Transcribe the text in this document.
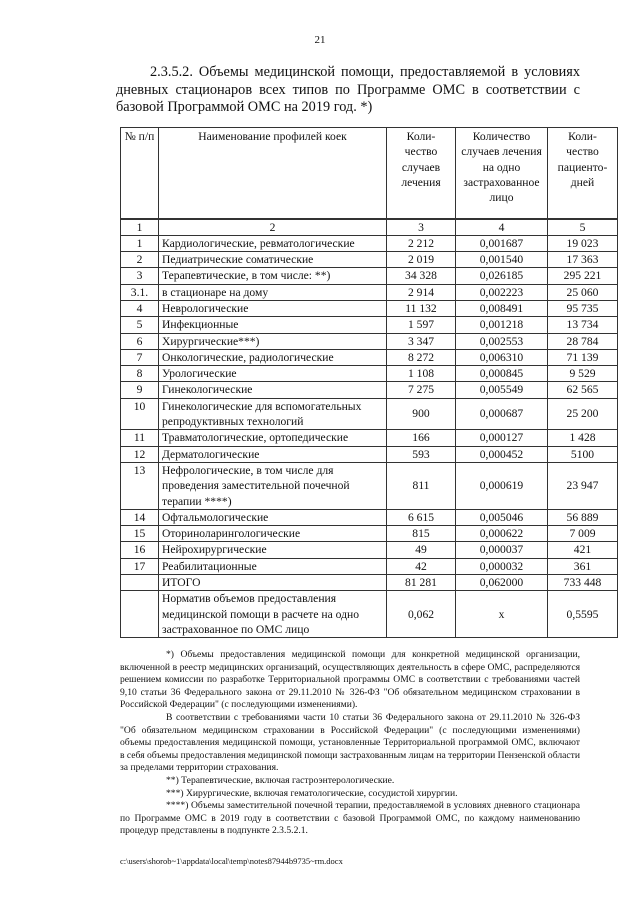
21
2.3.5.2. Объемы медицинской помощи, предоставляемой в условиях дневных стационаров всех типов по Программе ОМС в соответствии с базовой Программой ОМС на 2019 год. *)
№ п/п	Наименование профилей коек	Коли-чество случаев лечения	Количество случаев лечения на одно застрахованное лицо	Коли-чество пациенто-дней
1	2	3	4	5
1	Кардиологические, ревматологические	2 212	0,001687	19 023
2	Педиатрические соматические	2 019	0,001540	17 363
3	Терапевтические, в том числе: **)	34 328	0,026185	295 221
3.1.	в стационаре на дому	2 914	0,002223	25 060
4	Неврологические	11 132	0,008491	95 735
5	Инфекционные	1 597	0,001218	13 734
6	Хирургические***)	3 347	0,002553	28 784
7	Онкологические, радиологические	8 272	0,006310	71 139
8	Урологические	1 108	0,000845	9 529
9	Гинекологические	7 275	0,005549	62 565
10	Гинекологические для вспомогательных репродуктивных технологий	900	0,000687	25 200
11	Травматологические, ортопедические	166	0,000127	1 428
12	Дерматологические	593	0,000452	5100
13	Нефрологические, в том числе для проведения заместительной почечной терапии ****)	811	0,000619	23 947
14	Офтальмологические	6 615	0,005046	56 889
15	Оториноларингологические	815	0,000622	7 009
16	Нейрохирургические	49	0,000037	421
17	Реабилитационные	42	0,000032	361
	ИТОГО	81 281	0,062000	733 448
	Норматив объемов предоставления медицинской помощи в расчете на одно застрахованное по ОМС лицо	0,062	х	0,5595

*) Объемы предоставления медицинской помощи для конкретной медицинской организации, включенной в реестр медицинских организаций, осуществляющих деятельность в сфере ОМС, распределяются решением комиссии по разработке Территориальной программы ОМС в соответствии с требованиями частей 9,10 статьи 36 Федерального закона от 29.11.2010 № 326-ФЗ "Об обязательном медицинском страховании в Российской Федерации" (с последующими изменениями).

В соответствии с требованиями части 10 статьи 36 Федерального закона от 29.11.2010 № 326-ФЗ "Об обязательном медицинском страховании в Российской Федерации" (с последующими изменениями) объемы предоставления медицинской помощи, установленные Территориальной программой ОМС, включают в себя объемы предоставления медицинской помощи застрахованным лицам на территории Пензенской области за пределами территории страхования.

**) Терапевтические, включая гастроэнтерологические.

***) Хирургические, включая гематологические, сосудистой хирургии.

****) Объемы заместительной почечной терапии, предоставляемой в условиях дневного стационара по Программе ОМС в 2019 году в соответствии с базовой Программой ОМС, по каждому наименованию процедур представлены в подпункте 2.3.5.2.1.

c:\users\shorob~1\appdata\local\temp\notes87944b9735~rm.docx
